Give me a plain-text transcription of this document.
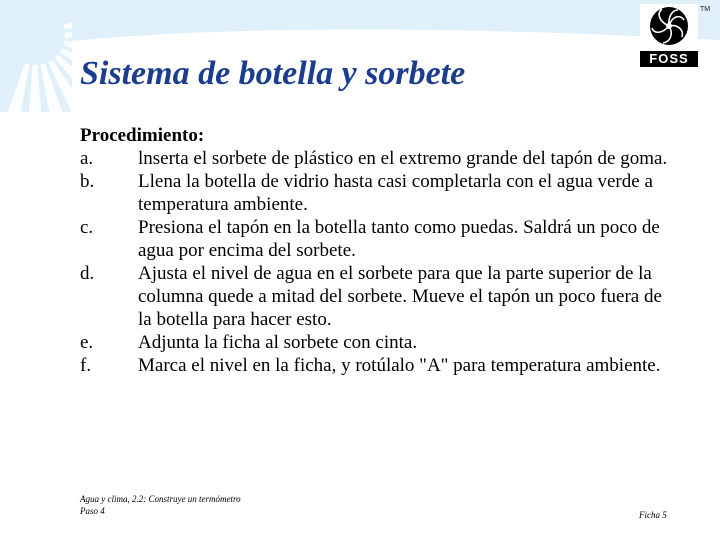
FOSS
TM
Sistema de botella y sorbete
Procedimiento:
a.	lnserta el sorbete de plástico en el extremo grande del tapón de goma.
b.	Llena la botella de vidrio hasta casi completarla con el agua verde a temperatura ambiente.
c.	Presiona el tapón en la botella tanto como puedas. Saldrá un poco de agua por encima del sorbete.
d.	Ajusta el nivel de agua en el sorbete para que la parte superior de la columna quede a mitad del sorbete. Mueve el tapón un poco fuera de la botella para hacer esto.
e.	Adjunta la ficha al sorbete con cinta.
f.	Marca el nivel en la ficha, y rotúlalo "A" para temperatura ambiente.
Agua y clima, 2.2: Construye un termómetro
Paso 4	Ficha 5
